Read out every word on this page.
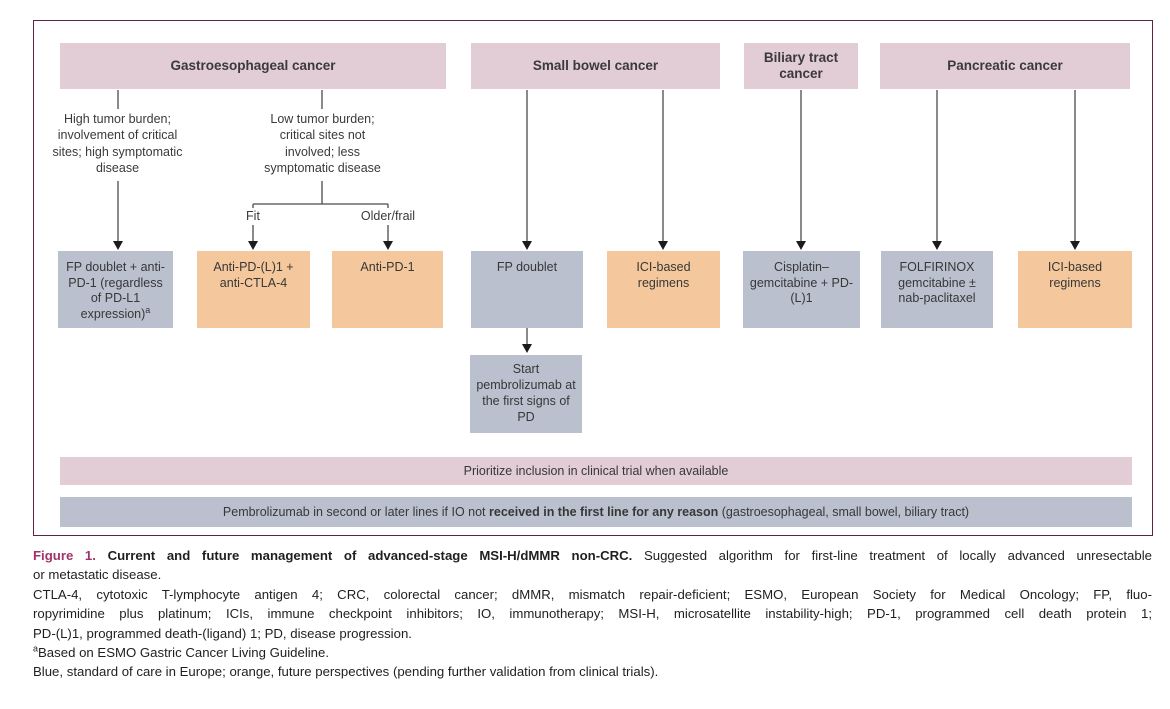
Gastroesophageal cancer	Small bowel cancer
Biliary tract cancer
Pancreatic cancer
High tumor burden; involvement of critical sites; high symptomatic disease
Low tumor burden; critical sites not involved; less symptomatic disease
Fit	Older/frail
FP doublet + anti-PD-1 (regardless of PD-L1 expression)$^a$
Anti-PD-(L)1 + anti-CTLA-4
Anti-PD-1	FP doublet	ICI-based regimens
Cisplatin–gemcitabine + PD-(L)1
FOLFIRINOX gemcitabine ± nab-paclitaxel
ICI-based regimens
Start pembrolizumab at the first signs of PD
Prioritize inclusion in clinical trial when available
Pembrolizumab in second or later lines if IO not
received in the first line for any reason
(gastroesophageal, small bowel, biliary tract)
Figure 1. Current and future management of advanced-stage MSI-H/dMMR non-CRC. Suggested algorithm for first-line treatment of locally advanced unresectable
or metastatic disease.
CTLA-4, cytotoxic T-lymphocyte antigen 4; CRC, colorectal cancer; dMMR, mismatch repair-deficient; ESMO, European Society for Medical Oncology; FP, fluo-
ropyrimidine plus platinum; ICIs, immune checkpoint inhibitors; IO, immunotherapy; MSI-H, microsatellite instability-high; PD-1, programmed cell death protein 1;
PD-(L)1, programmed death-(ligand) 1; PD, disease progression.
$^a$Based on ESMO Gastric Cancer Living Guideline.
Blue, standard of care in Europe; orange, future perspectives (pending further validation from clinical trials).
